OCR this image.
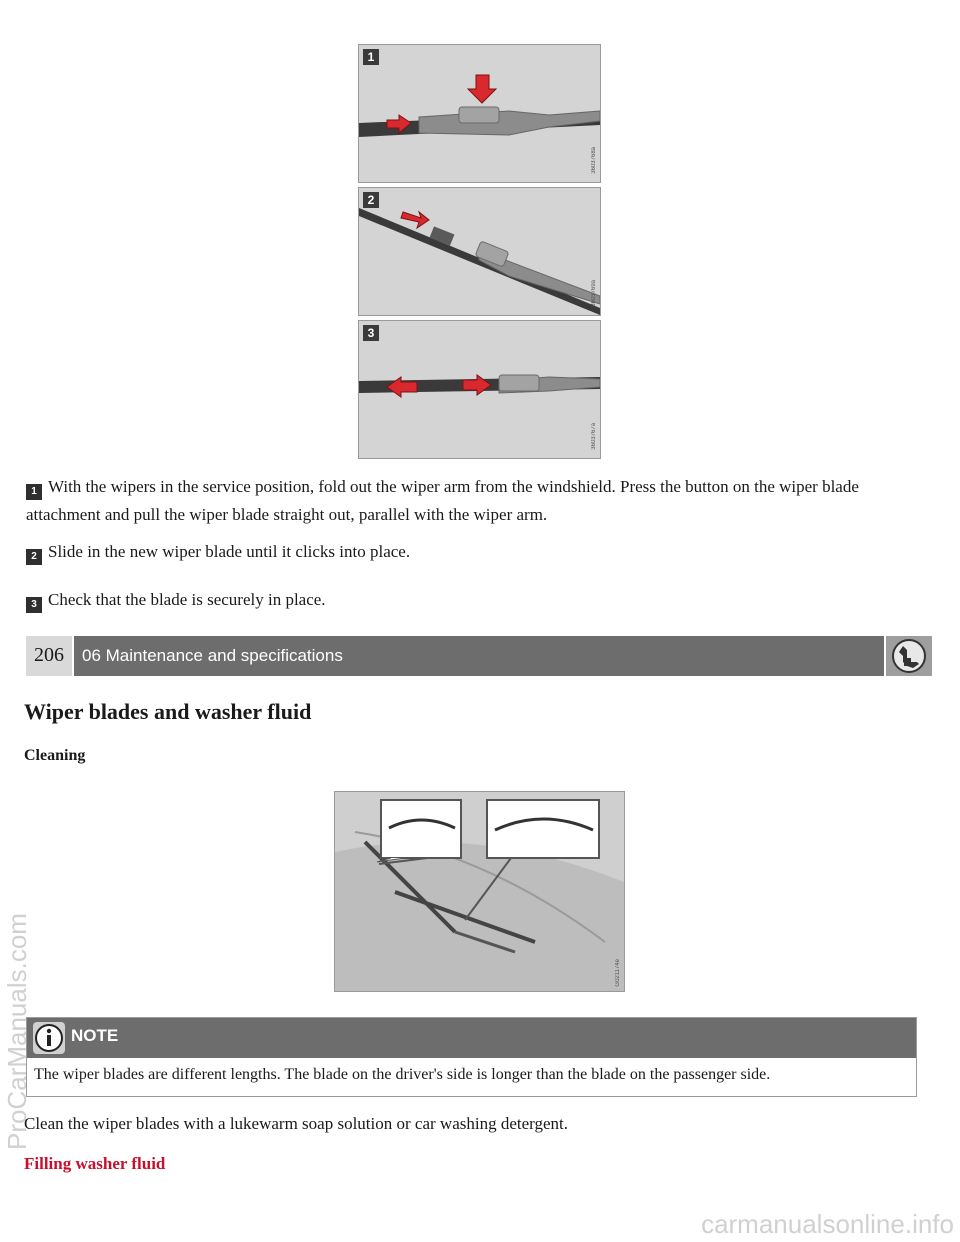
1
3603768a
2
3603769a
3
3603767a
1 With the wipers in the service position, fold out the wiper arm from the windshield. Press the button on the wiper blade attachment and pull the wiper blade straight out, parallel with the wiper arm.
2 Slide in the new wiper blade until it clicks into place.
3 Check that the blade is securely in place.
206	06 Maintenance and specifications
Wiper blades and washer fluid
Cleaning
G021174e
NOTE
The wiper blades are different lengths. The blade on the driver's side is longer than the blade on the passenger side.
Clean the wiper blades with a lukewarm soap solution or car washing detergent.
Filling washer fluid
ProCarManuals.com
carmanualsonline.info
